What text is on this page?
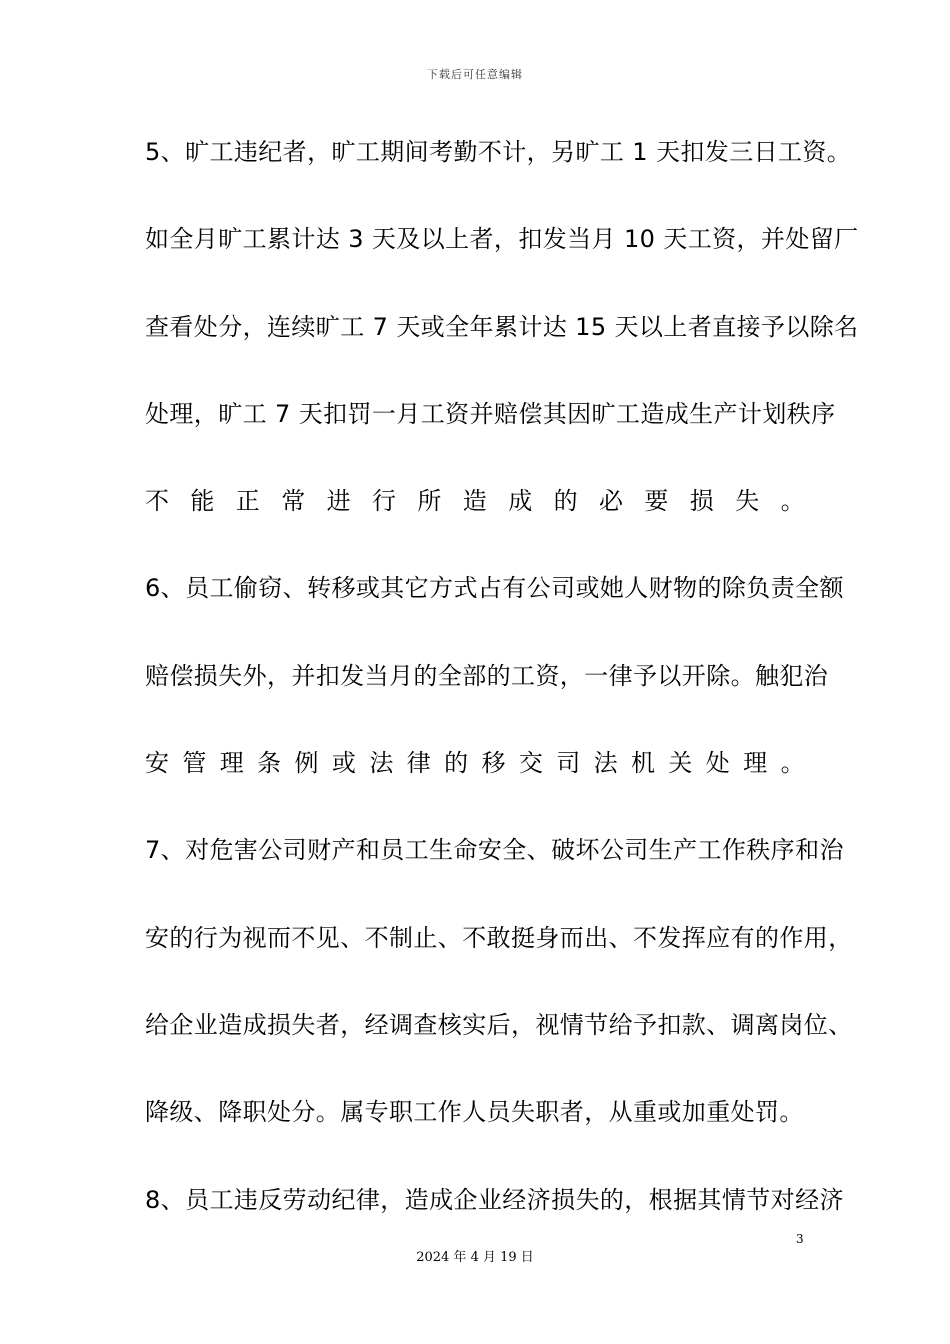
下载后可任意编辑
5、旷工违纪者，旷工期间考勤不计，另旷工 1 天扣发三日工资。
如全月旷工累计达 3 天及以上者，扣发当月 10 天工资，并处留厂
查看处分，连续旷工 7 天或全年累计达 15 天以上者直接予以除名
处理，旷工 7 天扣罚一月工资并赔偿其因旷工造成生产计划秩序
不 能 正 常 进 行 所 造 成 的 必 要 损 失 。
6、员工偷窃、转移或其它方式占有公司或她人财物的除负责全额
赔偿损失外，并扣发当月的全部的工资，一律予以开除。触犯治
安 管 理 条 例 或 法 律 的 移 交 司 法 机 关 处 理 。
7、对危害公司财产和员工生命安全、破坏公司生产工作秩序和治
安的行为视而不见、不制止、不敢挺身而出、不发挥应有的作用，
给企业造成损失者，经调查核实后，视情节给予扣款、调离岗位、
降级、降职处分。属专职工作人员失职者，从重或加重处罚。
8、员工违反劳动纪律，造成企业经济损失的，根据其情节对经济
3
2024 年 4 月 19 日
